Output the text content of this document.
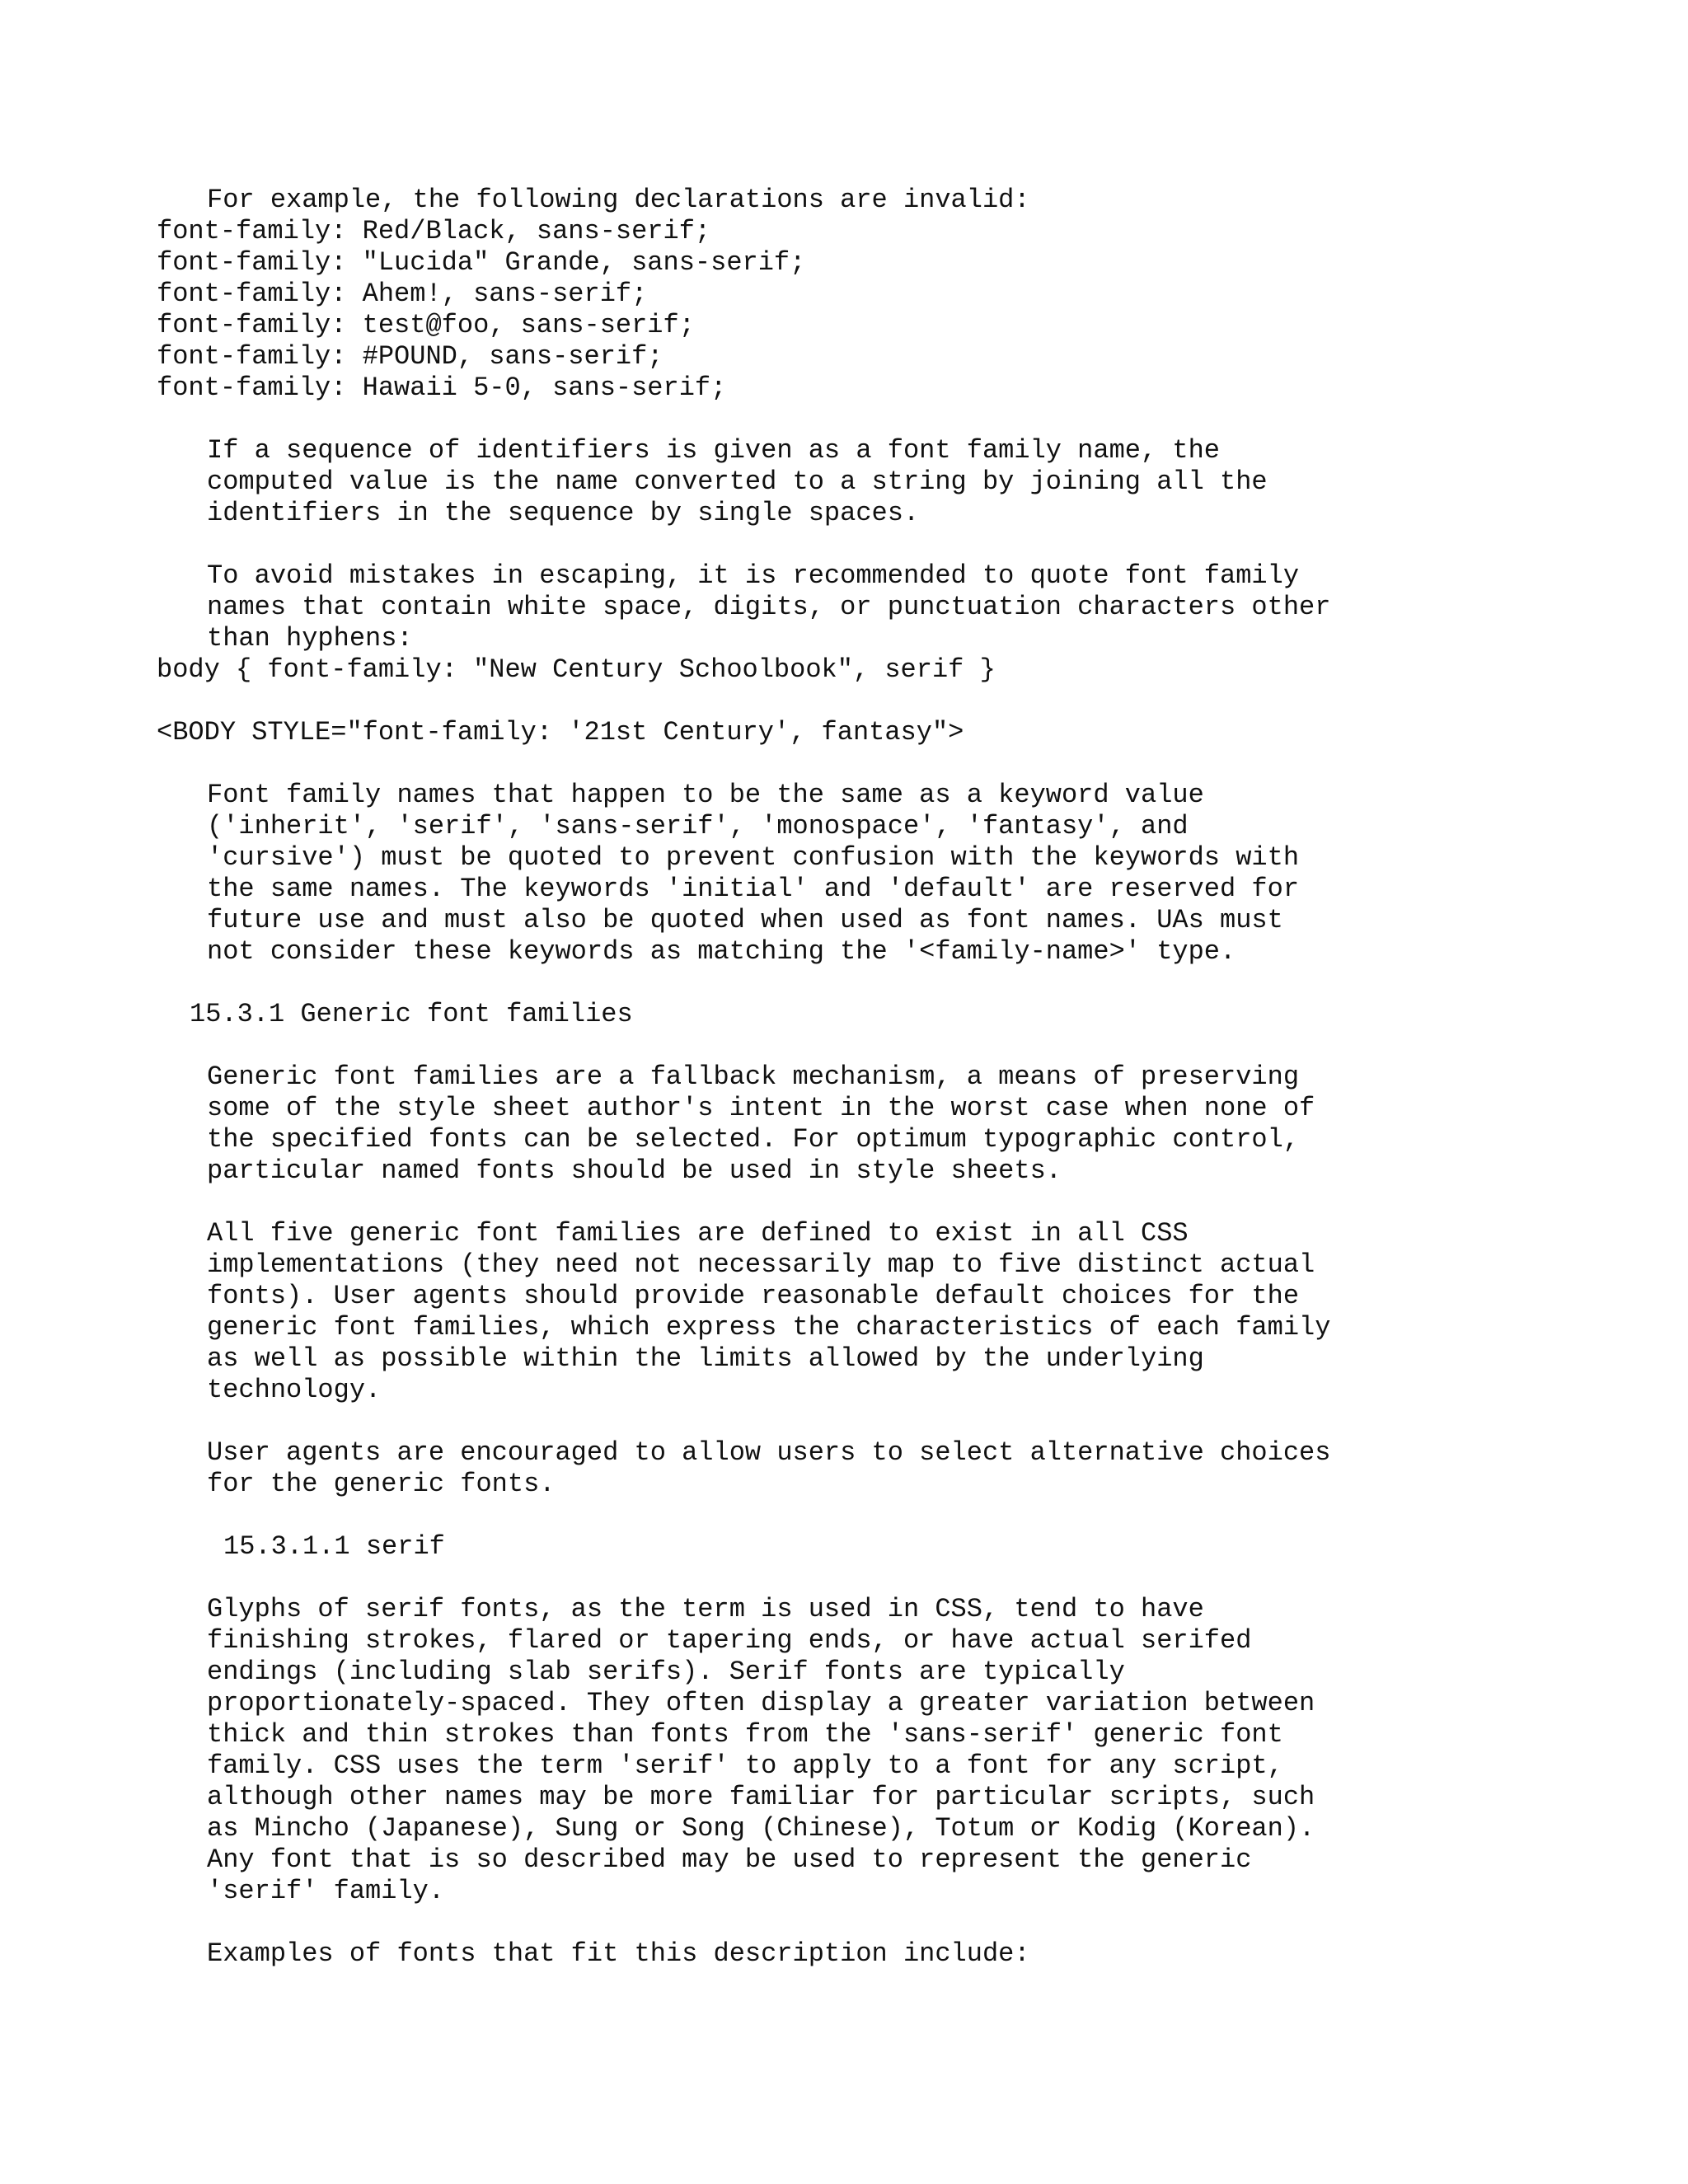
For example, the following declarations are invalid:
font-family: Red/Black, sans-serif;
font-family: "Lucida" Grande, sans-serif;
font-family: Ahem!, sans-serif;
font-family: test@foo, sans-serif;
font-family: #POUND, sans-serif;
font-family: Hawaii 5-0, sans-serif;
If a sequence of identifiers is given as a font family name, the
computed value is the name converted to a string by joining all the
identifiers in the sequence by single spaces.
To avoid mistakes in escaping, it is recommended to quote font family
names that contain white space, digits, or punctuation characters other
than hyphens:
body { font-family: "New Century Schoolbook", serif }
<BODY STYLE="font-family: '21st Century', fantasy">
Font family names that happen to be the same as a keyword value
('inherit', 'serif', 'sans-serif', 'monospace', 'fantasy', and
'cursive') must be quoted to prevent confusion with the keywords with
the same names. The keywords 'initial' and 'default' are reserved for
future use and must also be quoted when used as font names. UAs must
not consider these keywords as matching the '<family-name>' type.
15.3.1 Generic font families
Generic font families are a fallback mechanism, a means of preserving
some of the style sheet author's intent in the worst case when none of
the specified fonts can be selected. For optimum typographic control,
particular named fonts should be used in style sheets.
All five generic font families are defined to exist in all CSS
implementations (they need not necessarily map to five distinct actual
fonts). User agents should provide reasonable default choices for the
generic font families, which express the characteristics of each family
as well as possible within the limits allowed by the underlying
technology.
User agents are encouraged to allow users to select alternative choices
for the generic fonts.
15.3.1.1 serif
Glyphs of serif fonts, as the term is used in CSS, tend to have
finishing strokes, flared or tapering ends, or have actual serifed
endings (including slab serifs). Serif fonts are typically
proportionately-spaced. They often display a greater variation between
thick and thin strokes than fonts from the 'sans-serif' generic font
family. CSS uses the term 'serif' to apply to a font for any script,
although other names may be more familiar for particular scripts, such
as Mincho (Japanese), Sung or Song (Chinese), Totum or Kodig (Korean).
Any font that is so described may be used to represent the generic
'serif' family.
Examples of fonts that fit this description include:
